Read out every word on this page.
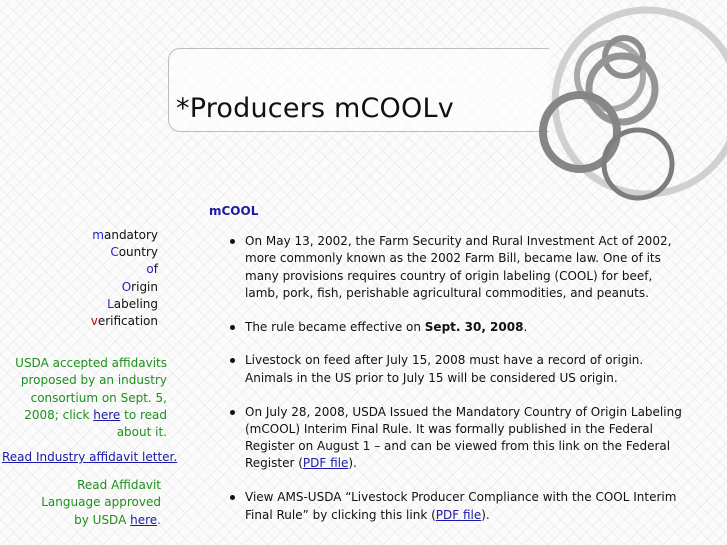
*Producers mCOOLv
mandatory
Country
of
Origin
Labeling
verification
USDA accepted affidavits
proposed by an industry
consortium on Sept. 5,
2008; click here to read
about it.
Read Industry affidavit letter.
Read Affidavit
Language approved
by USDA here.
mCOOL
On May 13, 2002, the Farm Security and Rural Investment Act of 2002, more commonly known as the 2002 Farm Bill, became law. One of its many provisions requires country of origin labeling (COOL) for beef, lamb, pork, fish, perishable agricultural commodities, and peanuts.
The rule became effective on Sept. 30, 2008.
Livestock on feed after July 15, 2008 must have a record of origin. Animals in the US prior to July 15 will be considered US origin.
On July 28, 2008, USDA Issued the Mandatory Country of Origin Labeling (mCOOL) Interim Final Rule. It was formally published in the Federal Register on August 1 – and can be viewed from this link on the Federal Register (PDF file).
View AMS-USDA “Livestock Producer Compliance with the COOL Interim Final Rule” by clicking this link (PDF file).
